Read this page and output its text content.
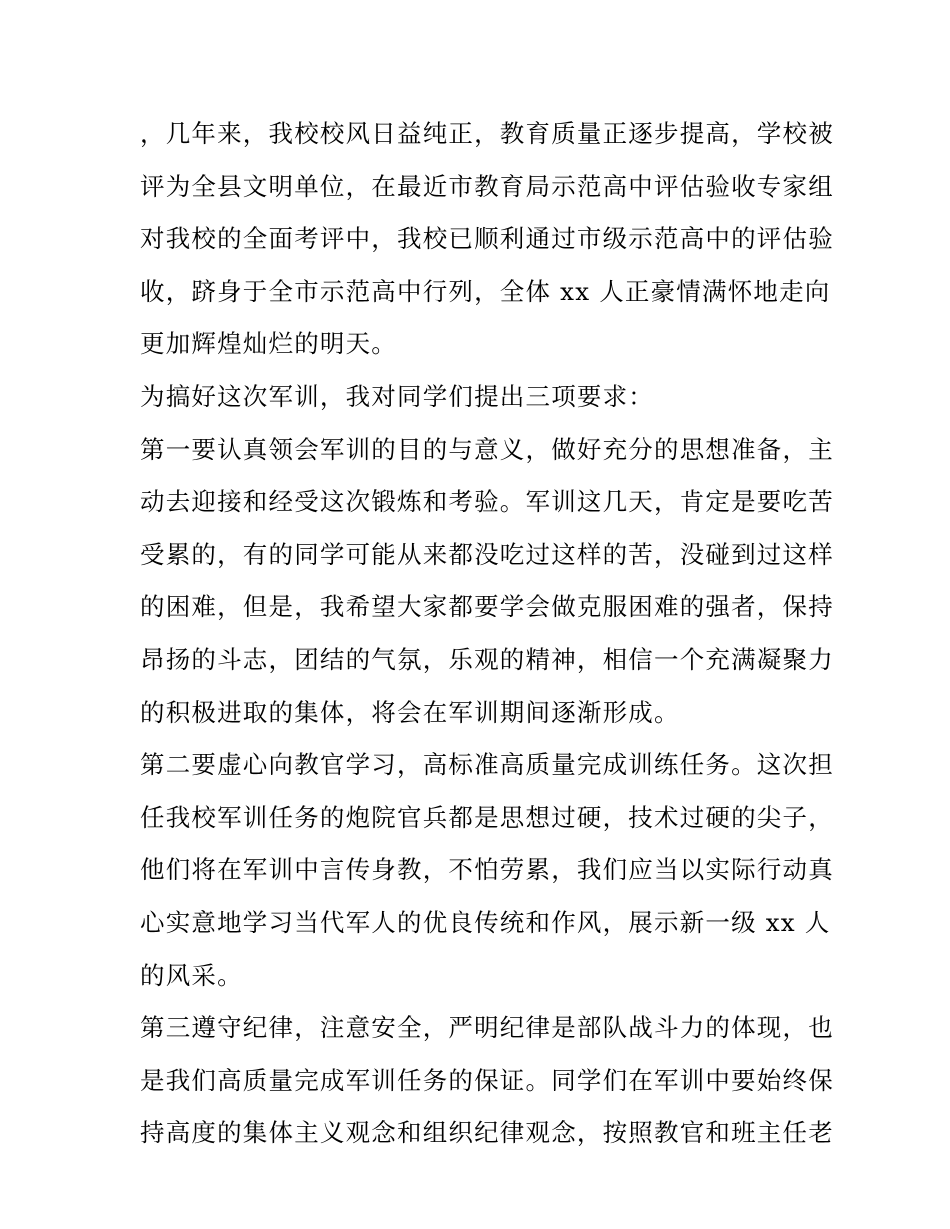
，几年来，我校校风日益纯正，教育质量正逐步提高，学校被

评为全县文明单位，在最近市教育局示范高中评估验收专家组

对我校的全面考评中，我校已顺利通过市级示范高中的评估验

收，跻身于全市示范高中行列，全体 xx 人正豪情满怀地走向

更加辉煌灿烂的明天。

为搞好这次军训，我对同学们提出三项要求：

第一要认真领会军训的目的与意义，做好充分的思想准备，主

动去迎接和经受这次锻炼和考验。军训这几天，肯定是要吃苦

受累的，有的同学可能从来都没吃过这样的苦，没碰到过这样

的困难，但是，我希望大家都要学会做克服困难的强者，保持

昂扬的斗志，团结的气氛，乐观的精神，相信一个充满凝聚力

的积极进取的集体，将会在军训期间逐渐形成。

第二要虚心向教官学习，高标准高质量完成训练任务。这次担

任我校军训任务的炮院官兵都是思想过硬，技术过硬的尖子，

他们将在军训中言传身教，不怕劳累，我们应当以实际行动真

心实意地学习当代军人的优良传统和作风，展示新一级 xx 人

的风采。

第三遵守纪律，注意安全，严明纪律是部队战斗力的体现，也

是我们高质量完成军训任务的保证。同学们在军训中要始终保

持高度的集体主义观念和组织纪律观念，按照教官和班主任老
